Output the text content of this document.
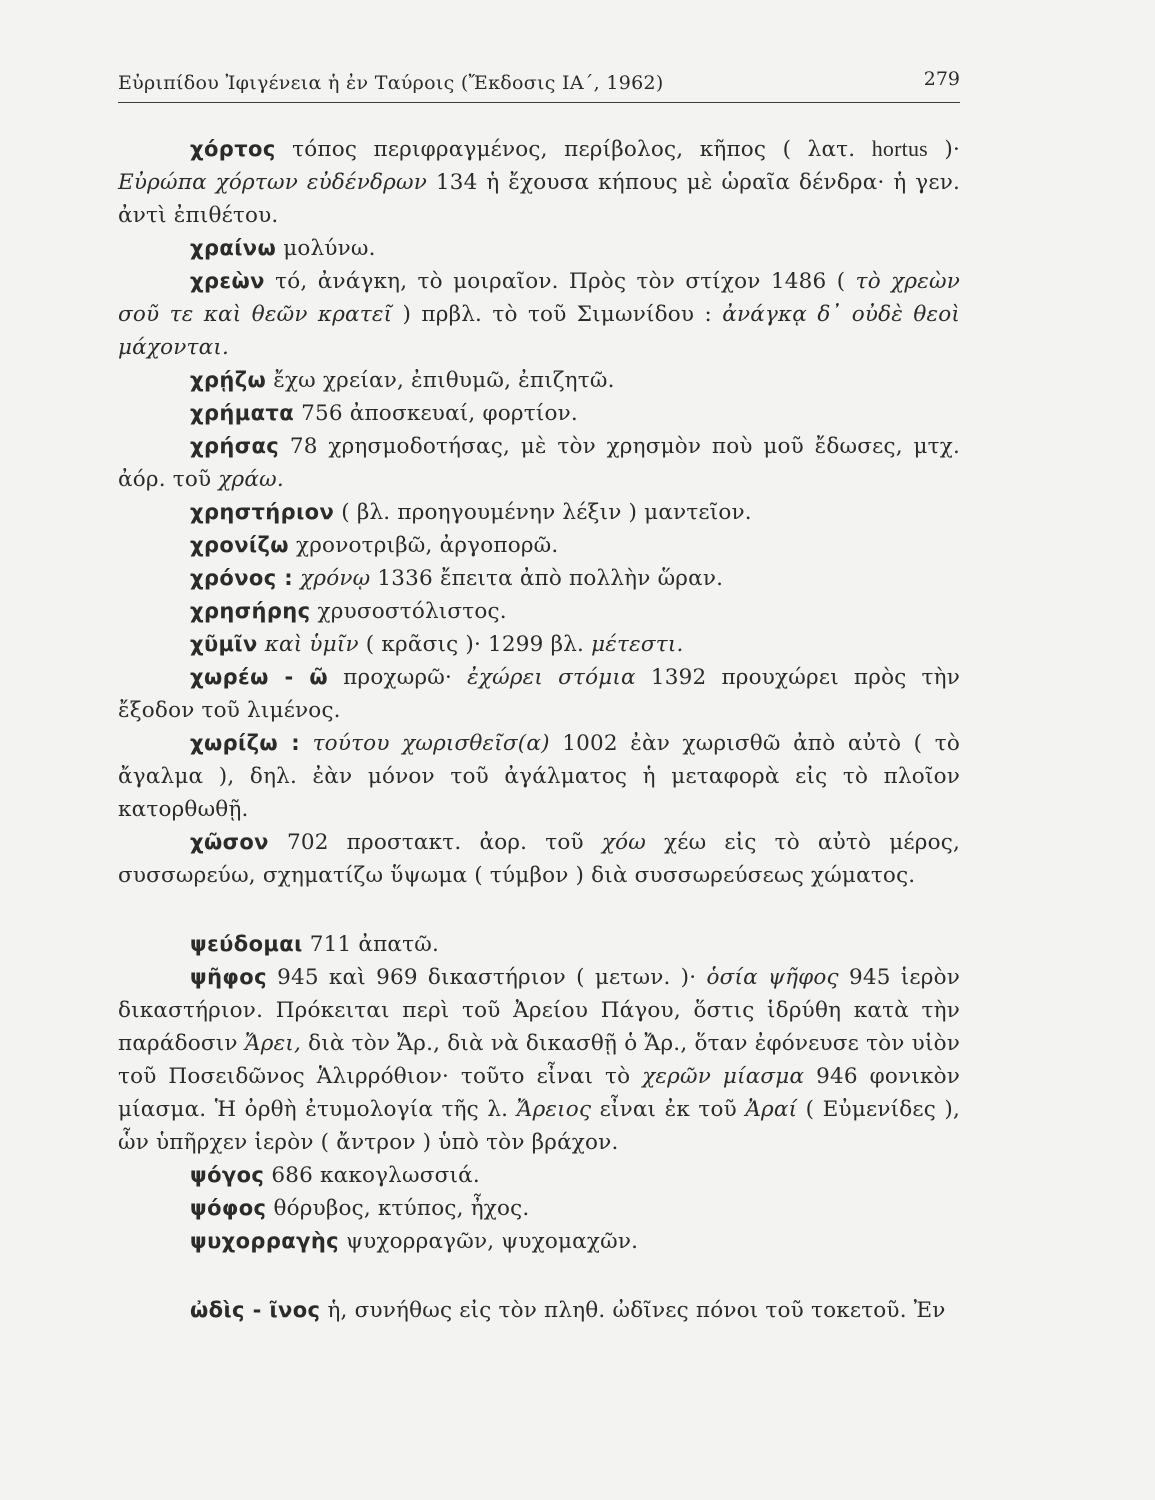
Εὐριπίδου Ἰφιγένεια ἡ ἐν Ταύροις (Ἔκδοσις ΙΑ΄, 1962)	279

χόρτος τόπος περιφραγμένος, περίβολος, κῆπος ( λατ. hortus )· Εὐρώπα χόρτων εὐδένδρων 134 ἡ ἔχουσα κήπους μὲ ὡραῖα δένδρα· ἡ γεν. ἀντὶ ἐπιθέτου.

χραίνω μολύνω.

χρεὼν τό, ἀνάγκη, τὸ μοιραῖον. Πρὸς τὸν στίχον 1486 ( τὸ χρεὼν σοῦ τε καὶ θεῶν κρατεῖ ) πρβλ. τὸ τοῦ Σιμωνίδου : ἀνάγκᾳ δ᾽ οὐδὲ θεοὶ μάχονται.

χρῄζω ἔχω χρείαν, ἐπιθυμῶ, ἐπιζητῶ.

χρήματα 756 ἀποσκευαί, φορτίον.

χρήσας 78 χρησμοδοτήσας, μὲ τὸν χρησμὸν ποὺ μοῦ ἔδωσες, μτχ. ἀόρ. τοῦ χράω.

χρηστήριον ( βλ. προηγουμένην λέξιν ) μαντεῖον.

χρονίζω χρονοτριβῶ, ἀργοπορῶ.

χρόνος : χρόνῳ 1336 ἔπειτα ἀπὸ πολλὴν ὥραν.

χρησήρης χρυσοστόλιστος.

χῦμῖν καὶ ὑμῖν ( κρᾶσις )· 1299 βλ. μέτεστι.

χωρέω - ῶ προχωρῶ· ἐχώρει στόμια 1392 προυχώρει πρὸς τὴν ἔξοδον τοῦ λιμένος.

χωρίζω : τούτου χωρισθεῖσ(α) 1002 ἐὰν χωρισθῶ ἀπὸ αὐτὸ ( τὸ ἄγαλμα ), δηλ. ἐὰν μόνον τοῦ ἀγάλματος ἡ μεταφορὰ εἰς τὸ πλοῖον κατορθωθῇ.

χῶσον 702 προστακτ. ἀορ. τοῦ χόω χέω εἰς τὸ αὐτὸ μέρος, συσσωρεύω, σχηματίζω ὕψωμα ( τύμβον ) διὰ συσσωρεύσεως χώματος.

ψεύδομαι 711 ἀπατῶ.

ψῆφος 945 καὶ 969 δικαστήριον ( μετων. )· ὁσία ψῆφος 945 ἱερὸν δικαστήριον. Πρόκειται περὶ τοῦ Ἀρείου Πάγου, ὅστις ἱδρύθη κατὰ τὴν παράδοσιν Ἄρει, διὰ τὸν Ἄρ., διὰ νὰ δικασθῇ ὁ Ἄρ., ὅταν ἐφόνευσε τὸν υἱὸν τοῦ Ποσειδῶνος Ἁλιρρόθιον· τοῦτο εἶναι τὸ χερῶν μίασμα 946 φονικὸν μίασμα. Ἡ ὀρθὴ ἐτυμολογία τῆς λ. Ἄρειος εἶναι ἐκ τοῦ Ἀραί ( Εὐμενίδες ), ὧν ὑπῆρχεν ἱερὸν ( ἄντρον ) ὑπὸ τὸν βράχον.

ψόγος 686 κακογλωσσιά.

ψόφος θόρυβος, κτύπος, ἦχος.

ψυχορραγὴς ψυχορραγῶν, ψυχομαχῶν.

ὠδὶς - ῖνος ἡ, συνήθως εἰς τὸν πληθ. ὠδῖνες πόνοι τοῦ τοκετοῦ. Ἐν
